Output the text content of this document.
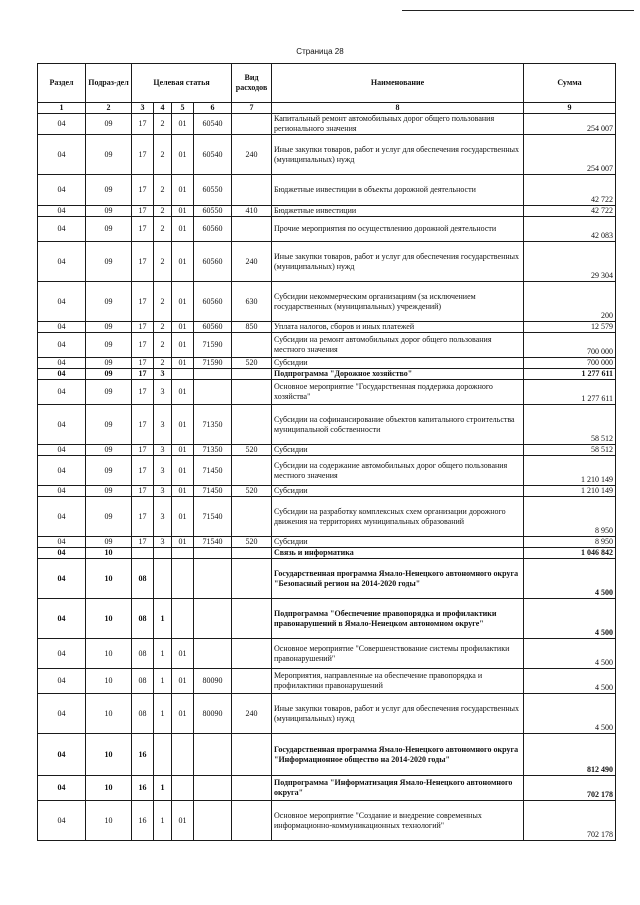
Страница 28
Раздел	Подраз-дел	Целевая статья				Вид расходов	Наименование	Сумма
1	2	3	4	5	6	7	8	9
04	09	17	2	01	60540		Капитальный ремонт автомобильных дорог общего пользования регионального значения	254 007
04	09	17	2	01	60540	240	Иные закупки товаров, работ и услуг для обеспечения государственных (муниципальных) нужд	254 007
04	09	17	2	01	60550		Бюджетные инвестиции в объекты дорожной деятельности	42 722
04	09	17	2	01	60550	410	Бюджетные инвестиции	42 722
04	09	17	2	01	60560		Прочие мероприятия по осуществлению дорожной деятельности	42 083
04	09	17	2	01	60560	240	Иные закупки товаров, работ и услуг для обеспечения государственных (муниципальных) нужд	29 304
04	09	17	2	01	60560	630	Субсидии некоммерческим организациям (за исключением государственных (муниципальных) учреждений)	200
04	09	17	2	01	60560	850	Уплата налогов, сборов и иных платежей	12 579
04	09	17	2	01	71590		Субсидии на ремонт автомобильных дорог общего пользования местного значения	700 000
04	09	17	2	01	71590	520	Субсидии	700 000
04	09	17	3				Подпрограмма "Дорожное хозяйство"	1 277 611
04	09	17	3	01			Основное мероприятие "Государственная поддержка дорожного хозяйства"	1 277 611
04	09	17	3	01	71350		Субсидии на софинансирование объектов капитального строительства муниципальной собственности	58 512
04	09	17	3	01	71350	520	Субсидии	58 512
04	09	17	3	01	71450		Субсидии на содержание автомобильных дорог общего пользования местного значения	1 210 149
04	09	17	3	01	71450	520	Субсидии	1 210 149
04	09	17	3	01	71540		Субсидии на разработку комплексных схем организации дорожного движения на территориях муниципальных образований	8 950
04	09	17	3	01	71540	520	Субсидии	8 950
04	10						Связь и информатика	1 046 842
04	10	08					Государственная программа Ямало-Ненецкого автономного округа "Безопасный регион на 2014-2020 годы"	4 500
04	10	08	1				Подпрограмма "Обеспечение правопорядка и профилактики правонарушений в Ямало-Ненецком автономном округе"	4 500
04	10	08	1	01			Основное мероприятие "Совершенствование системы профилактики правонарушений"	4 500
04	10	08	1	01	80090		Мероприятия, направленные на обеспечение правопорядка и профилактики правонарушений	4 500
04	10	08	1	01	80090	240	Иные закупки товаров, работ и услуг для обеспечения государственных (муниципальных) нужд	4 500
04	10	16					Государственная программа Ямало-Ненецкого автономного округа "Информационное общество на 2014-2020 годы"	812 490
04	10	16	1				Подпрограмма "Информатизация Ямало-Ненецкого автономного округа"	702 178
04	10	16	1	01			Основное мероприятие "Создание и внедрение современных информационно-коммуникационных технологий"	702 178
